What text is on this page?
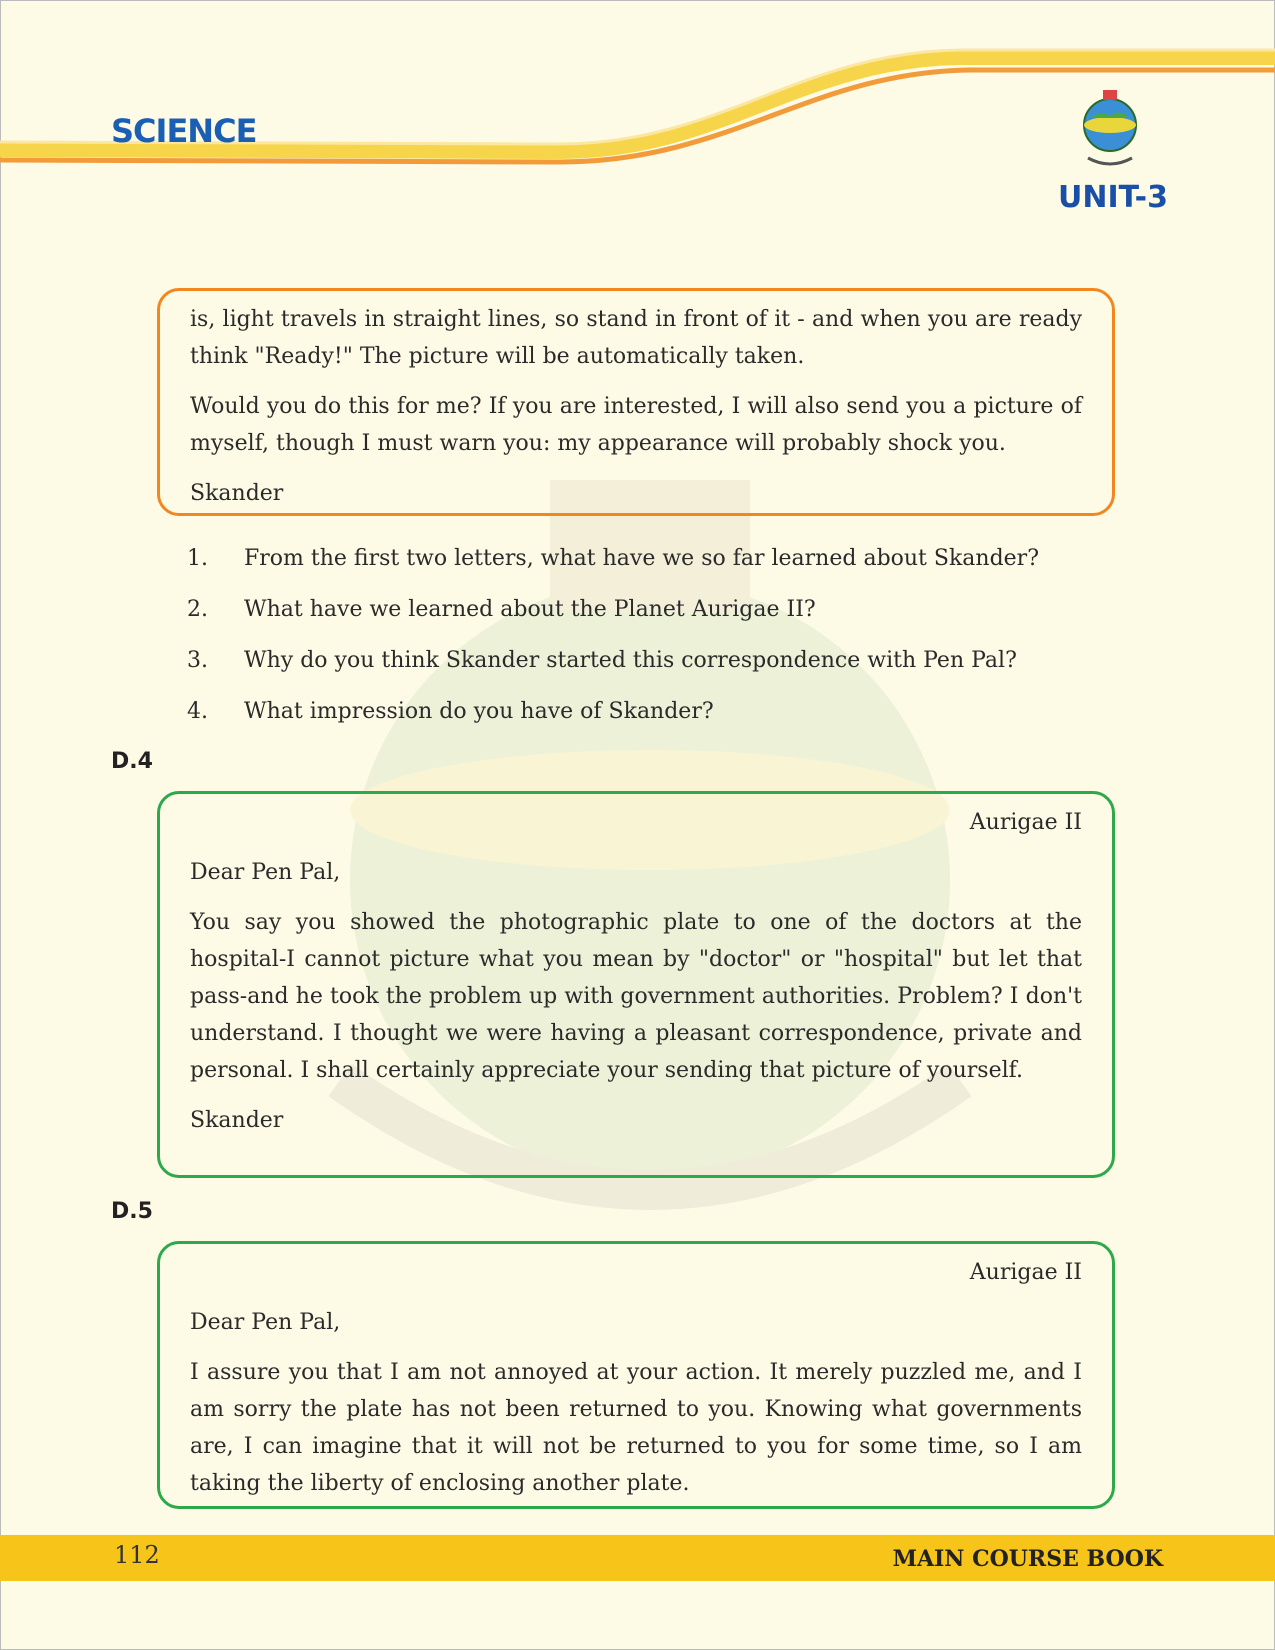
SCIENCE
UNIT-3

is, light travels in straight lines, so stand in front of it - and when you are ready think "Ready!" The picture will be automatically taken.

Would you do this for me? If you are interested, I will also send you a picture of myself, though I must warn you: my appearance will probably shock you.

Skander

1.	From the first two letters, what have we so far learned about Skander?
2.	What have we learned about the Planet Aurigae II?
3.	Why do you think Skander started this correspondence with Pen Pal?
4.	What impression do you have of Skander?
D.4

Aurigae II

Dear Pen Pal,

You say you showed the photographic plate to one of the doctors at the hospital-I cannot picture what you mean by "doctor" or "hospital" but let that pass-and he took the problem up with government authorities. Problem? I don't understand. I thought we were having a pleasant correspondence, private and personal. I shall certainly appreciate your sending that picture of yourself.

Skander

D.5

Aurigae II

Dear Pen Pal,

I assure you that I am not annoyed at your action. It merely puzzled me, and I am sorry the plate has not been returned to you. Knowing what governments are, I can imagine that it will not be returned to you for some time, so I am taking the liberty of enclosing another plate.

112	MAIN COURSE BOOK
